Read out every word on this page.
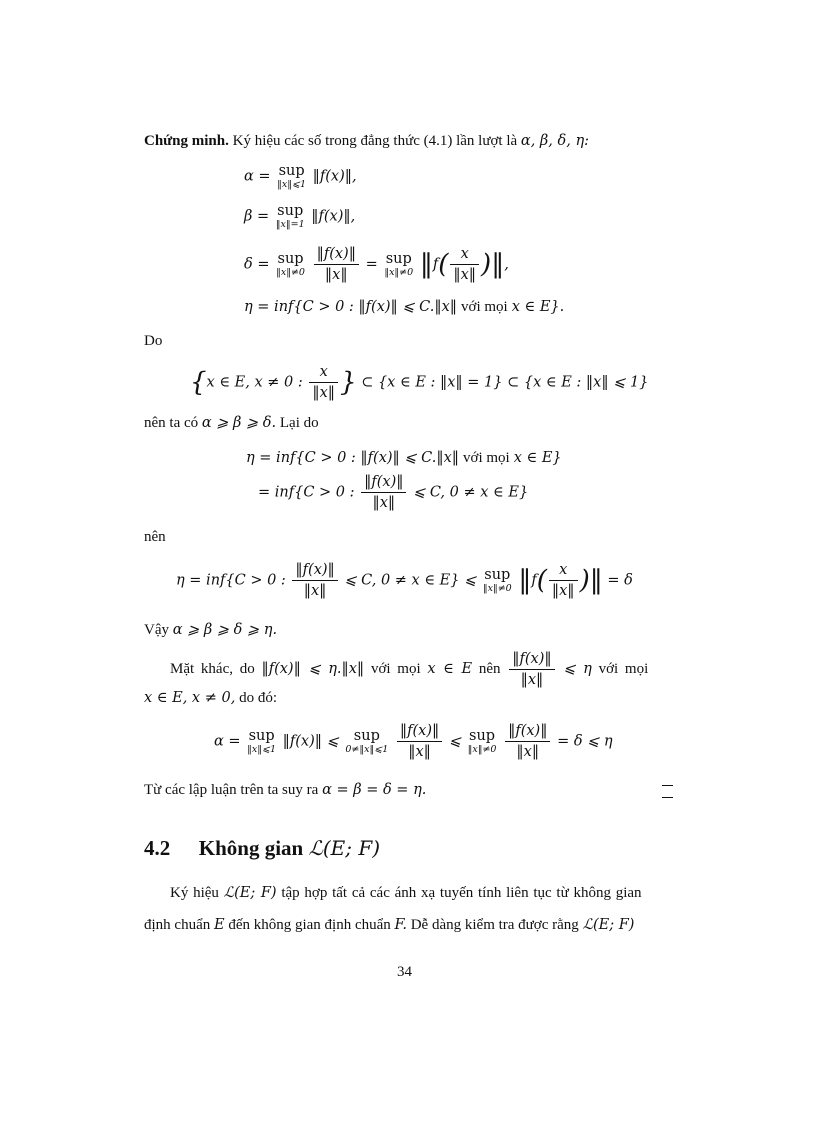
Chứng minh. Ký hiệu các số trong đẳng thức (4.1) lần lượt là α, β, δ, η:
α = sup
‖x‖⩽1 ‖f(x)‖,
β = sup
‖x‖=1 ‖f(x)‖,
δ = sup
‖x‖≠0
$\frac{‖f(x)‖}{‖x‖}$ = sup
‖x‖≠0 ‖f( $\frac{x}{‖x‖}$ )‖,
η = inf{C > 0 : ‖f(x)‖ ⩽ C.‖x‖ với mọi x ∈ E}.
Do
{x ∈ E, x ≠ 0 : $\frac{x}{‖x‖}$ } ⊂ {x ∈ E : ‖x‖ = 1} ⊂ {x ∈ E : ‖x‖ ⩽ 1}
nên ta có α ⩾ β ⩾ δ. Lại do
η = inf{C > 0 : ‖f(x)‖ ⩽ C.‖x‖ với mọi x ∈ E}
= inf{C > 0 : $\frac{‖f(x)‖}{‖x‖}$ ⩽ C, 0 ≠ x ∈ E}
nên
η = inf{C > 0 : $\frac{‖f(x)‖}{‖x‖}$ ⩽ C, 0 ≠ x ∈ E} ⩽ sup
‖x‖≠0 ‖f( $\frac{x}{‖x‖}$ )‖ = δ
Vậy α ⩾ β ⩾ δ ⩾ η.
Mặt khác, do ‖f(x)‖ ⩽ η.‖x‖ với mọi x ∈ E nên $\frac{‖f(x)‖}{‖x‖}$ ⩽ η với mọi
x ∈ E, x ≠ 0, do đó:
α = sup
‖x‖⩽1 ‖f(x)‖ ⩽	sup
0≠‖x‖⩽1
$\frac{‖f(x)‖}{‖x‖}$ ⩽ sup
‖x‖≠0
$\frac{‖f(x)‖}{‖x‖} = \delta$ ⩽ η
Từ các lập luận trên ta suy ra α = β = δ = η.
4.2 Không gian ℒ(E; F)
Ký hiệu ℒ(E; F) tập hợp tất cả các ánh xạ tuyến tính liên tục từ không gian
định chuẩn E đến không gian định chuẩn F. Dễ dàng kiểm tra được rằng ℒ(E; F)
34
